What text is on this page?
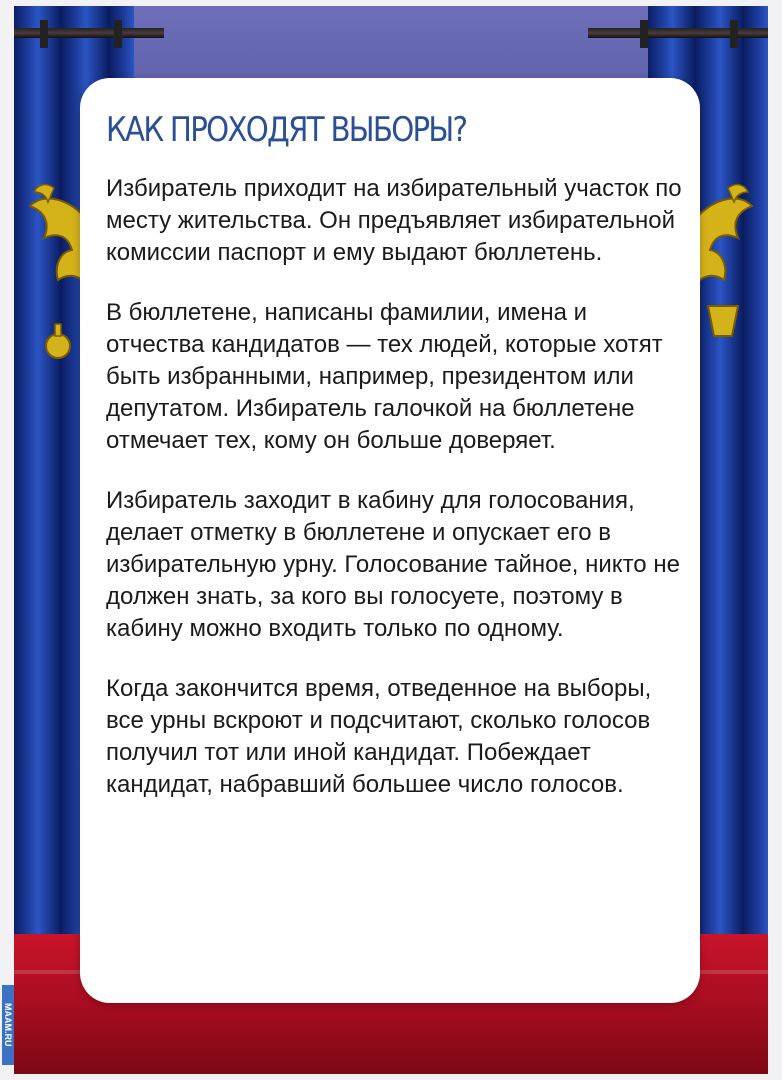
КАК ПРОХОДЯТ ВЫБОРЫ?

Избиратель приходит на избирательный участок по месту жительства. Он предъявляет избирательной комиссии паспорт и ему выдают бюллетень.

В бюллетене, написаны фамилии, имена и отчества кандидатов — тех людей, которые хотят быть избранными, например, президентом или депутатом. Избиратель галочкой на бюллетене отмечает тех, кому он больше доверяет.

Избиратель заходит в кабину для голосования, делает отметку в бюллетене и опускает его в избирательную урну. Голосование тайное, никто не должен знать, за кого вы голосуете, поэтому в кабину можно входить только по одному.

Когда закончится время, отведенное на выборы, все урны вскроют и подсчитают, сколько голосов получил тот или иной кандидат. Побеждает кандидат, набравший большее число голосов.

MAAM.RU
